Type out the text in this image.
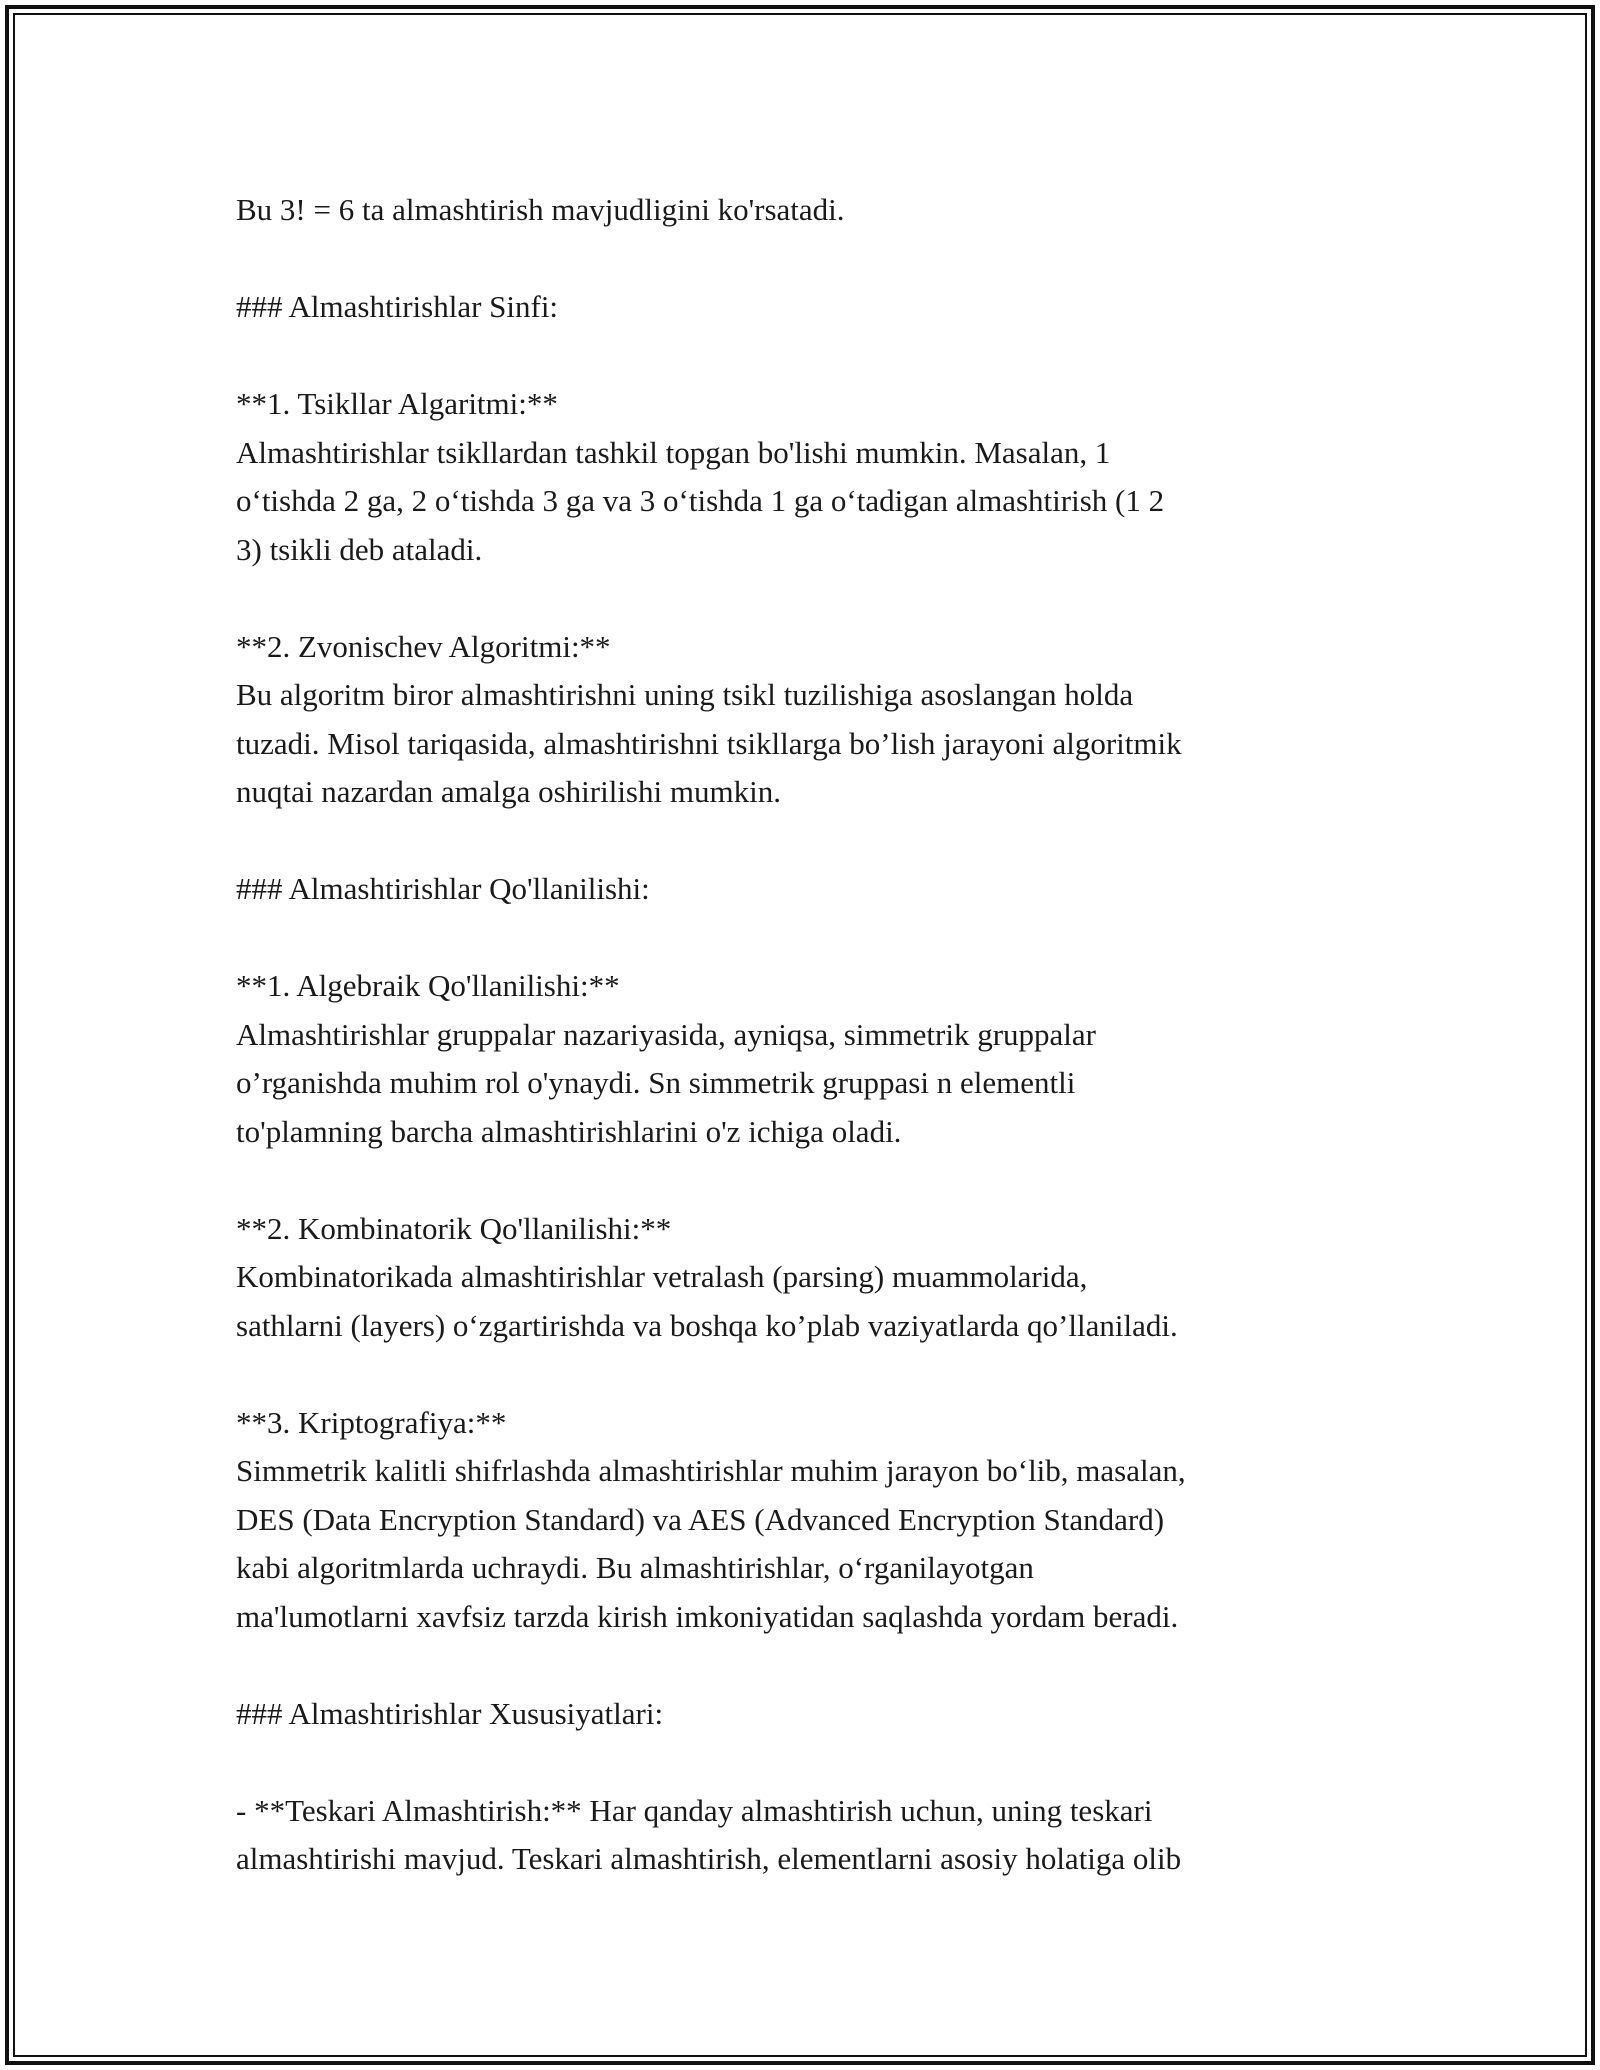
Bu 3! = 6 ta almashtirish mavjudligini ko'rsatadi.
### Almashtirishlar Sinfi:
**1. Tsikllar Algaritmi:**
Almashtirishlar tsikllardan tashkil topgan bo'lishi mumkin. Masalan, 1
o‘tishda 2 ga, 2 o‘tishda 3 ga va 3 o‘tishda 1 ga o‘tadigan almashtirish (1 2
3) tsikli deb ataladi.
**2. Zvonischev Algoritmi:**
Bu algoritm biror almashtirishni uning tsikl tuzilishiga asoslangan holda
tuzadi. Misol tariqasida, almashtirishni tsikllarga bo’lish jarayoni algoritmik
nuqtai nazardan amalga oshirilishi mumkin.
### Almashtirishlar Qo'llanilishi:
**1. Algebraik Qo'llanilishi:**
Almashtirishlar gruppalar nazariyasida, ayniqsa, simmetrik gruppalar
o’rganishda muhim rol o'ynaydi. Sn simmetrik gruppasi n elementli
to'plamning barcha almashtirishlarini o'z ichiga oladi.
**2. Kombinatorik Qo'llanilishi:**
Kombinatorikada almashtirishlar vetralash (parsing) muammolarida,
sathlarni (layers) o‘zgartirishda va boshqa ko’plab vaziyatlarda qo’llaniladi.
**3. Kriptografiya:**
Simmetrik kalitli shifrlashda almashtirishlar muhim jarayon bo‘lib, masalan,
DES (Data Encryption Standard) va AES (Advanced Encryption Standard)
kabi algoritmlarda uchraydi. Bu almashtirishlar, o‘rganilayotgan
ma'lumotlarni xavfsiz tarzda kirish imkoniyatidan saqlashda yordam beradi.
### Almashtirishlar Xususiyatlari:
- **Teskari Almashtirish:** Har qanday almashtirish uchun, uning teskari
almashtirishi mavjud. Teskari almashtirish, elementlarni asosiy holatiga olib
